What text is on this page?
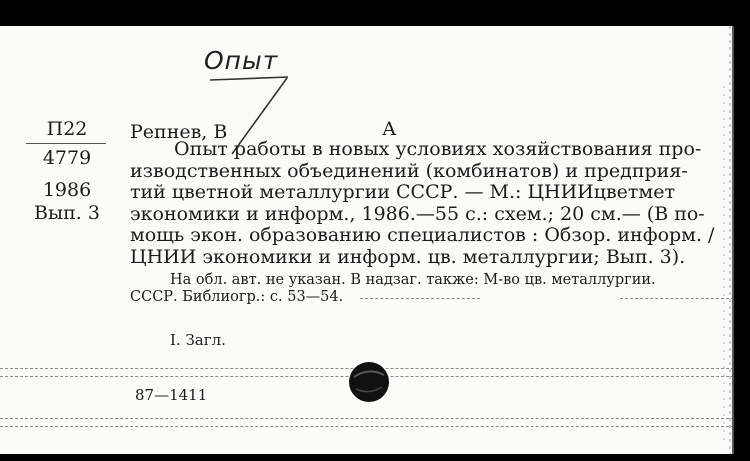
Опыт
П22
4779
1986
Вып. 3
Репнев, В	А
Опыт работы в новых условиях хозяйствования про-
изводственных объединений (комбинатов) и предприя-
тий цветной металлургии СССР. — М.: ЦНИИцветмет
экономики и информ., 1986.—55 с.: схем.; 20 см.— (В по-
мощь экон. образованию специалистов : Обзор. информ. /
ЦНИИ экономики и информ. цв. металлургии; Вып. 3).
На обл. авт. не указан. В надзаг. также: М-во цв. металлургии.
СССР. Библиогр.: с. 53—54.
I. Загл.
87—1411
